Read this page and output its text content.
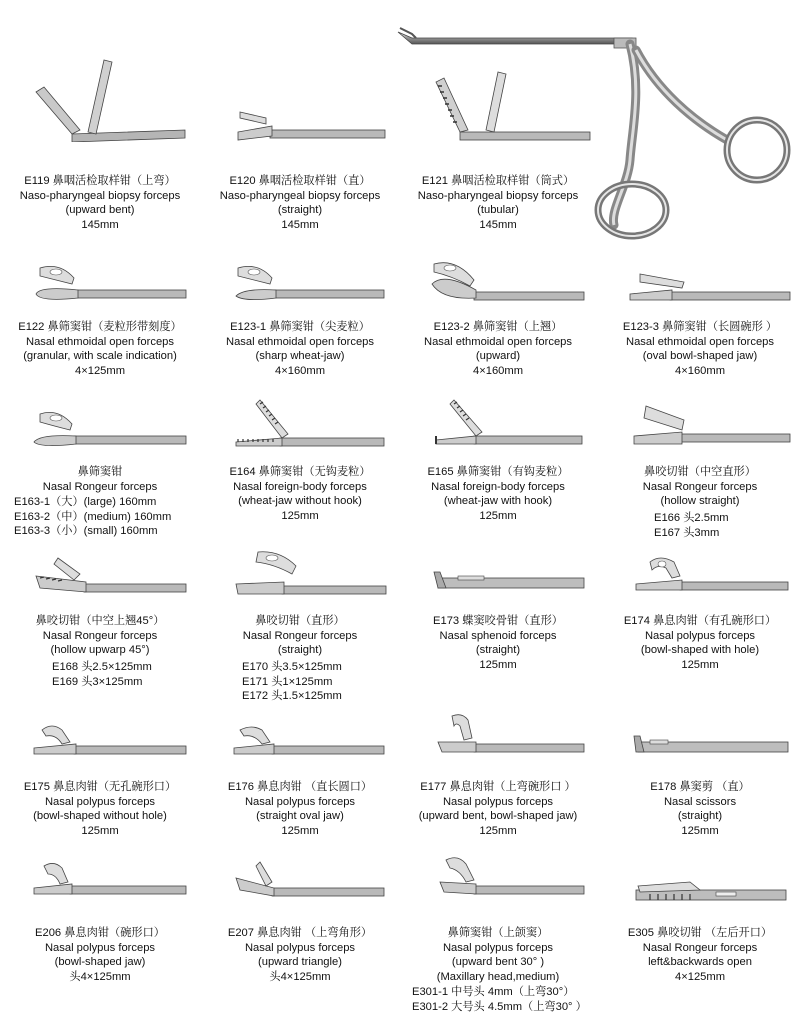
E119 鼻咽活检取样钳（上弯）
Naso-pharyngeal biopsy forceps
(upward bent)
145mm
E120 鼻咽活检取样钳（直）
Naso-pharyngeal biopsy forceps
(straight)
145mm
E121 鼻咽活检取样钳（筒式）
Naso-pharyngeal biopsy forceps
(tubular)
145mm
E122 鼻筛窦钳（麦粒形带刻度）
Nasal ethmoidal open forceps
(granular, with scale indication)
4×125mm
E123-1 鼻筛窦钳（尖麦粒）
Nasal ethmoidal open forceps
(sharp wheat-jaw)
4×160mm
E123-2 鼻筛窦钳（上翘）
Nasal ethmoidal open forceps
(upward)
4×160mm
E123-3 鼻筛窦钳（长圆碗形 ）
Nasal ethmoidal open forceps
(oval bowl-shaped jaw)
4×160mm
鼻筛窦钳
Nasal Rongeur forceps
E163-1（大）(large) 160mm
E163-2（中）(medium) 160mm
E163-3（小）(small) 160mm
E164 鼻筛窦钳（无钩麦粒）
Nasal foreign-body forceps
(wheat-jaw without hook)
125mm
E165 鼻筛窦钳（有钩麦粒）
Nasal foreign-body forceps
(wheat-jaw with hook)
125mm
鼻咬切钳（中空直形）
Nasal Rongeur forceps
(hollow straight)
E166 头2.5mm
E167 头3mm
鼻咬切钳（中空上翘45°）
Nasal Rongeur forceps
(hollow upwarp 45°)
E168 头2.5×125mm
E169 头3×125mm
鼻咬切钳（直形）
Nasal Rongeur forceps
(straight)
E170 头3.5×125mm
E171 头1×125mm
E172 头1.5×125mm
E173 蝶窦咬骨钳（直形）
Nasal sphenoid forceps
(straight)
125mm
E174 鼻息肉钳（有孔碗形口）
Nasal polypus forceps
(bowl-shaped with hole)
125mm
E175 鼻息肉钳（无孔碗形口）
Nasal polypus forceps
(bowl-shaped without hole)
125mm
E176 鼻息肉钳 （直长圆口）
Nasal polypus forceps
(straight oval jaw)
125mm
E177 鼻息肉钳（上弯碗形口 ）
Nasal polypus forceps
(upward bent, bowl-shaped jaw)
125mm
E178 鼻窦剪 （直）
Nasal scissors
(straight)
125mm
E206 鼻息肉钳（碗形口）
Nasal polypus forceps
(bowl-shaped jaw)
头4×125mm
E207 鼻息肉钳 （上弯角形）
Nasal polypus forceps
(upward triangle)
头4×125mm
鼻筛窦钳（上颌窦）
Nasal polypus forceps
(upward bent 30° )
(Maxillary head,medium)
E301-1 中号头 4mm（上弯30°）
E301-2 大号头 4.5mm（上弯30° ）
E305 鼻咬切钳 （左后开口）
Nasal Rongeur forceps
left&backwards open
4×125mm
